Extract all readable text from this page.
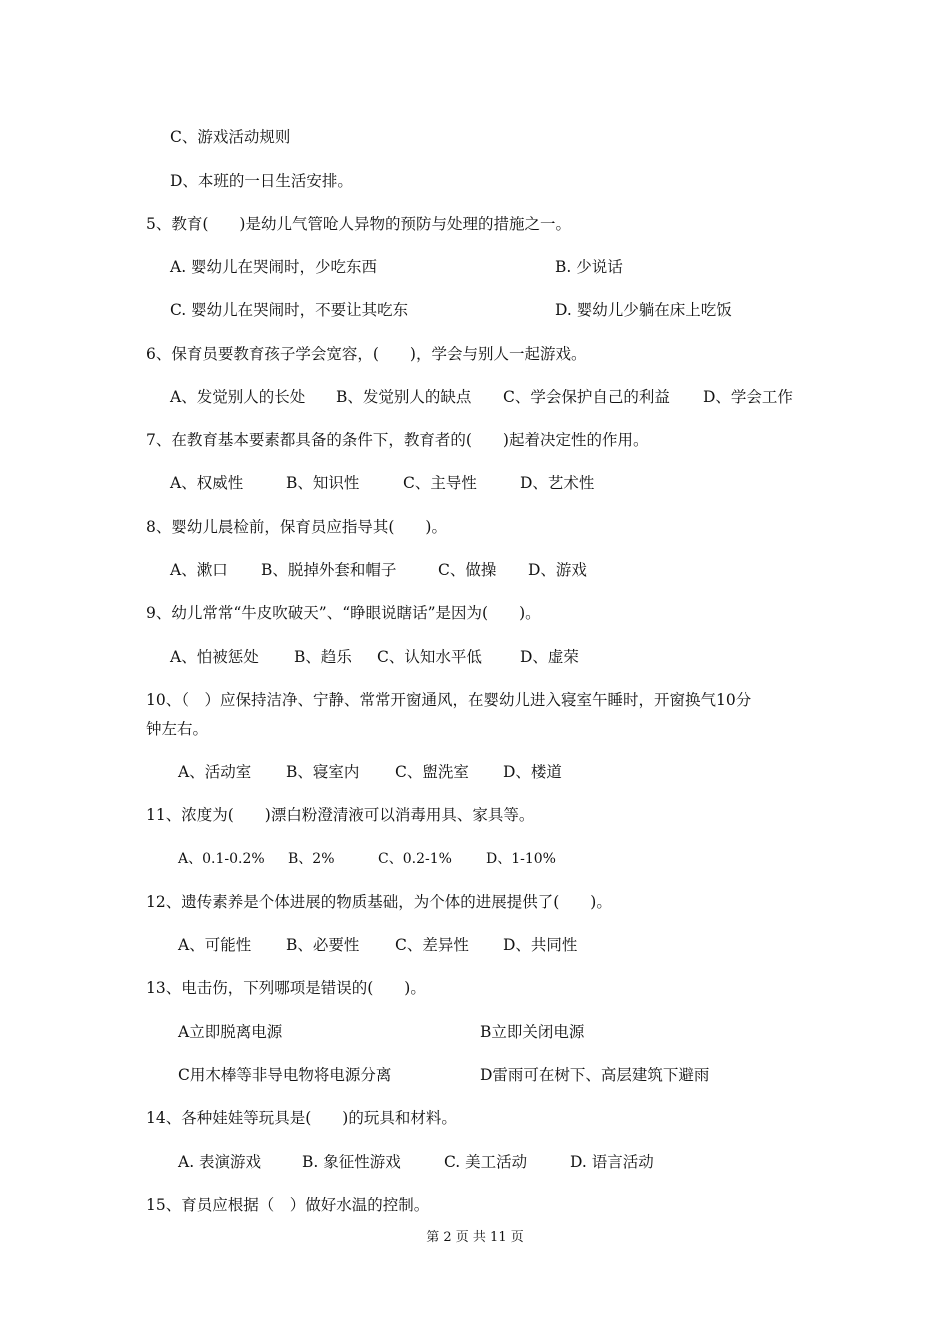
C、游戏活动规则
D、本班的一日生活安排。
5、教育(　　)是幼儿气管呛人异物的预防与处理的措施之一。
A. 婴幼儿在哭闹时，少吃东西	B. 少说话
C. 婴幼儿在哭闹时，不要让其吃东	D. 婴幼儿少躺在床上吃饭
6、保育员要教育孩子学会宽容，(　　)，学会与别人一起游戏。
A、发觉别人的长处 B、发觉别人的缺点 C、学会保护自己的利益 D、学会工作
7、在教育基本要素都具备的条件下，教育者的(　　)起着决定性的作用。
A、权威性	B、知识性	C、主导性	D、艺术性
8、婴幼儿晨检前，保育员应指导其(　　)。
A、漱口 B、脱掉外套和帽子	C、做操 D、游戏
9、幼儿常常“牛皮吹破天”、“睁眼说瞎话”是因为(　　)。
A、怕被惩处 B、趋乐 C、认知水平低 D、虚荣
10、（　）应保持洁净、宁静、常常开窗通风，在婴幼儿进入寝室午睡时，开窗换气10分
钟左右。
A、活动室 B、寝室内 C、盥洗室 D、楼道
11、浓度为(　　)漂白粉澄清液可以消毒用具、家具等。
A、0.1-0.2% B、2%	C、0.2-1% D、1-10%
12、遗传素养是个体进展的物质基础，为个体的进展提供了(　　)。
A、可能性 B、必要性 C、差异性 D、共同性
13、电击伤，下列哪项是错误的(　　)。
A立即脱离电源	B立即关闭电源
C用木棒等非导电物将电源分离	D雷雨可在树下、高层建筑下避雨
14、各种娃娃等玩具是(　　)的玩具和材料。
A. 表演游戏	B. 象征性游戏	C. 美工活动	D. 语言活动
15、育员应根据（　）做好水温的控制。
第 2 页 共 11 页
